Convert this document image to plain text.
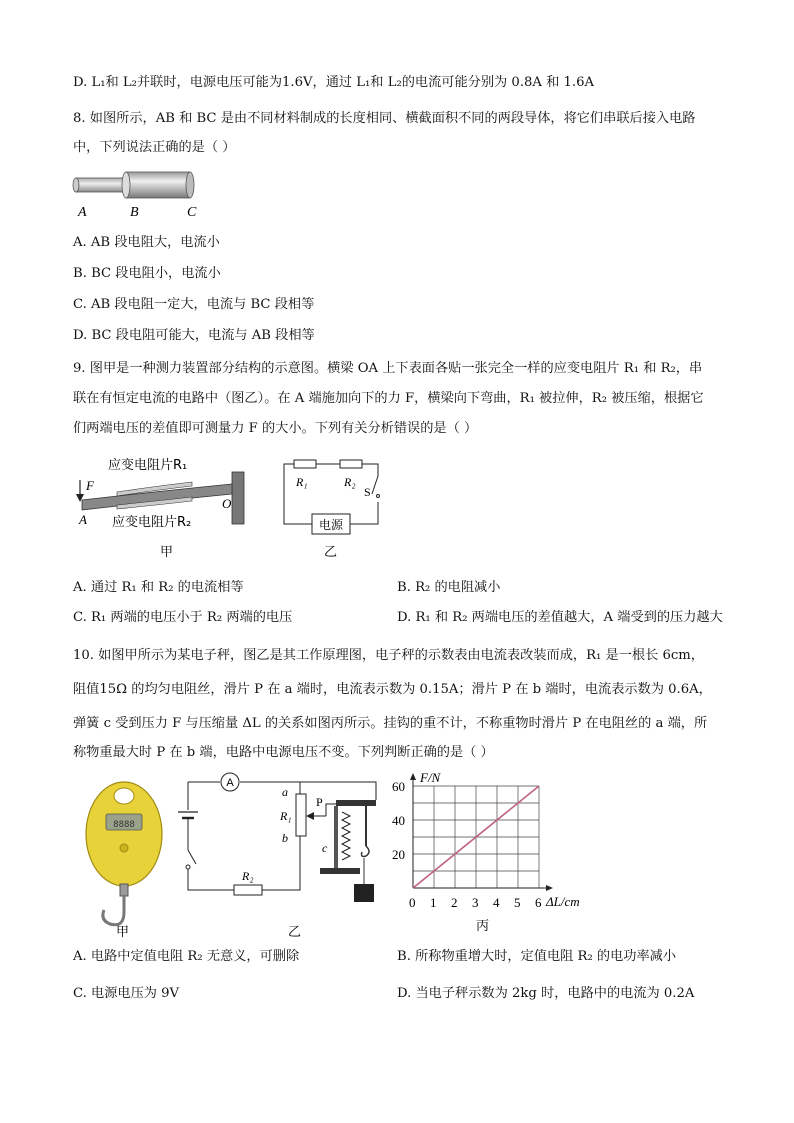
D. L₁和 L₂并联时，电源电压可能为1.6V，通过 L₁和 L₂的电流可能分别为 0.8A 和 1.6A
8. 如图所示，AB 和 BC 是由不同材料制成的长度相同、横截面积不同的两段导体，将它们串联后接入电路
中，下列说法正确的是（ ）
A	B	C
A. AB 段电阻大，电流小
B. BC 段电阻小，电流小
C. AB 段电阻一定大，电流与 BC 段相等
D. BC 段电阻可能大，电流与 AB 段相等
9. 图甲是一种测力装置部分结构的示意图。横梁 OA 上下表面各贴一张完全一样的应变电阻片 R₁ 和 R₂，串
联在有恒定电流的电路中（图乙）。在 A 端施加向下的力 F，横梁向下弯曲，R₁ 被拉伸，R₂ 被压缩，根据它
们两端电压的差值即可测量力 F 的大小。下列有关分析错误的是（ ）
F
A
O
应变电阻片R₁
应变电阻片R₂
甲
电源
R₁	R₂
S
乙
A. 通过 R₁ 和 R₂ 的电流相等	B. R₂ 的电阻减小
C. R₁ 两端的电压小于 R₂ 两端的电压	D. R₁ 和 R₂ 两端电压的差值越大，A 端受到的压力越大
10. 如图甲所示为某电子秤，图乙是其工作原理图，电子秤的示数表由电流表改装而成，R₁ 是一根长 6cm，
阻值15Ω 的均匀电阻丝，滑片 P 在 a 端时，电流表示数为 0.15A；滑片 P 在 b 端时，电流表示数为 0.6A，
弹簧 c 受到压力 F 与压缩量 ΔL 的关系如图丙所示。挂钩的重不计，不称重物时滑片 P 在电阻丝的 a 端，所
称物重最大时 P 在 b 端，电路中电源电压不变。下列判断正确的是（ ）
8888
甲
A
R₂
a
R₁
b
P
c
乙
F/N
ΔL/cm
0 1 2 3 4 5 6
20
40
60
丙
A. 电路中定值电阻 R₂ 无意义，可删除	B. 所称物重增大时，定值电阻 R₂ 的电功率减小
C. 电源电压为 9V	D. 当电子秤示数为 2kg 时，电路中的电流为 0.2A
